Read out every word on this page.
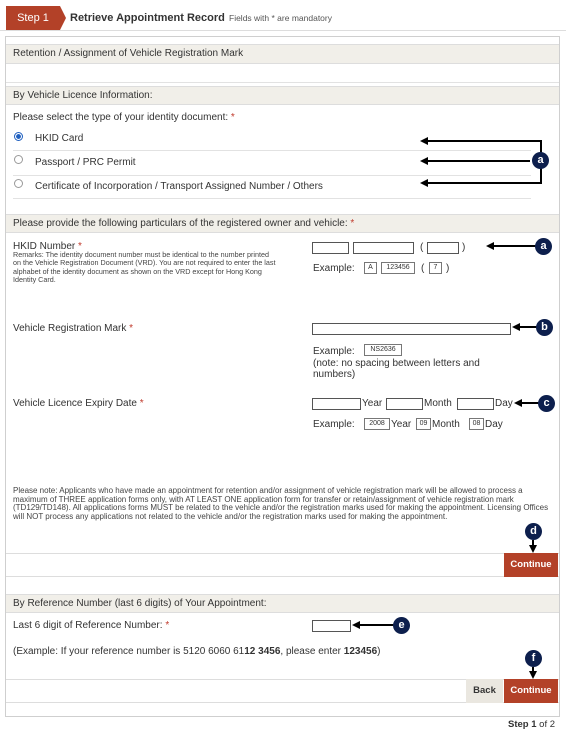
Step 1	Retrieve Appointment Record Fields with * are mandatory
Retention / Assignment of Vehicle Registration Mark
By Vehicle Licence Information:
Please select the type of your identity document: *
HKID Card
Passport / PRC Permit
Certificate of Incorporation / Transport Assigned Number / Others
a
Please provide the following particulars of the registered owner and vehicle: *
HKID Number *
Remarks: The identity document number must be identical to the number printed on the Vehicle Registration Document (VRD). You are not required to enter the last alphabet of the identity document as shown on the VRD except for Hong Kong Identity Card.
(	)
Example:	A	123456	(	7 )
Vehicle Registration Mark *
Example:	NS2636
(note: no spacing between letters and
numbers)
Vehicle Licence Expiry Date *	Year	Month	Day
Example:	2008 Year	09 Month	08 Day
a
b
c
Please note: Applicants who have made an appointment for retention and/or assignment of vehicle registration mark will be allowed to process a maximum of THREE application forms only, with AT LEAST ONE application form for transfer or retain/assignment of vehicle registration mark (TD129/TD148). All applications forms MUST be related to the vehicle and/or the registration marks used for making the appointment. Licensing Offices will NOT process any applications not related to the vehicle and/or the registration marks used for making the appointment.
d
Continue
By Reference Number (last 6 digits) of Your Appointment:
Last 6 digit of Reference Number: *	e
(Example: If your reference number is 5120 6060 6112 3456, please enter 123456)
f
Back	Continue
Step 1 of 2
